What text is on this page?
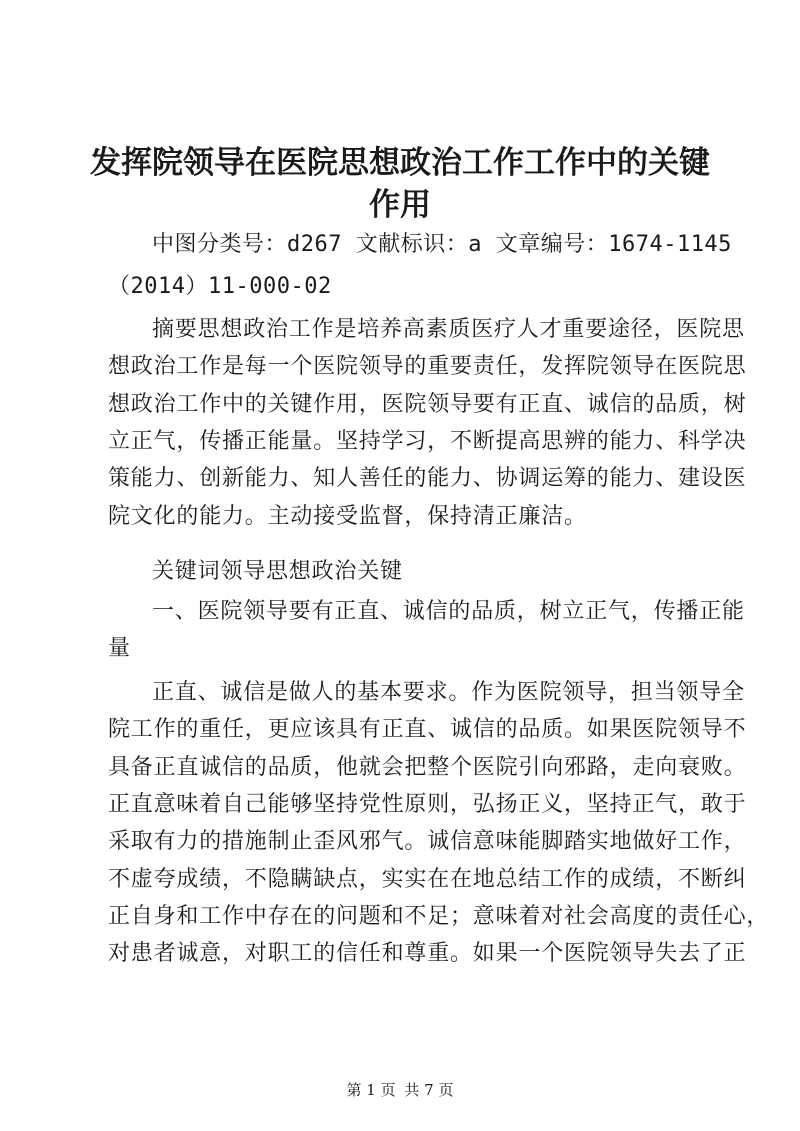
发挥院领导在医院思想政治工作工作中的关键
作用
中图分类号：d267 文献标识：a 文章编号：1674-1145
（2014）11-000-02
摘要思想政治工作是培养高素质医疗人才重要途径，医院思
想政治工作是每一个医院领导的重要责任，发挥院领导在医院思
想政治工作中的关键作用，医院领导要有正直、诚信的品质，树
立正气，传播正能量。坚持学习，不断提高思辨的能力、科学决
策能力、创新能力、知人善任的能力、协调运筹的能力、建设医
院文化的能力。主动接受监督，保持清正廉洁。
关键词领导思想政治关键
一、医院领导要有正直、诚信的品质，树立正气，传播正能
量
正直、诚信是做人的基本要求。作为医院领导，担当领导全
院工作的重任，更应该具有正直、诚信的品质。如果医院领导不
具备正直诚信的品质，他就会把整个医院引向邪路，走向衰败。
正直意味着自己能够坚持党性原则，弘扬正义，坚持正气，敢于
采取有力的措施制止歪风邪气。诚信意味能脚踏实地做好工作，
不虚夸成绩，不隐瞒缺点，实实在在地总结工作的成绩，不断纠
正自身和工作中存在的问题和不足；意味着对社会高度的责任心，
对患者诚意，对职工的信任和尊重。如果一个医院领导失去了正
第 1 页 共 7 页
